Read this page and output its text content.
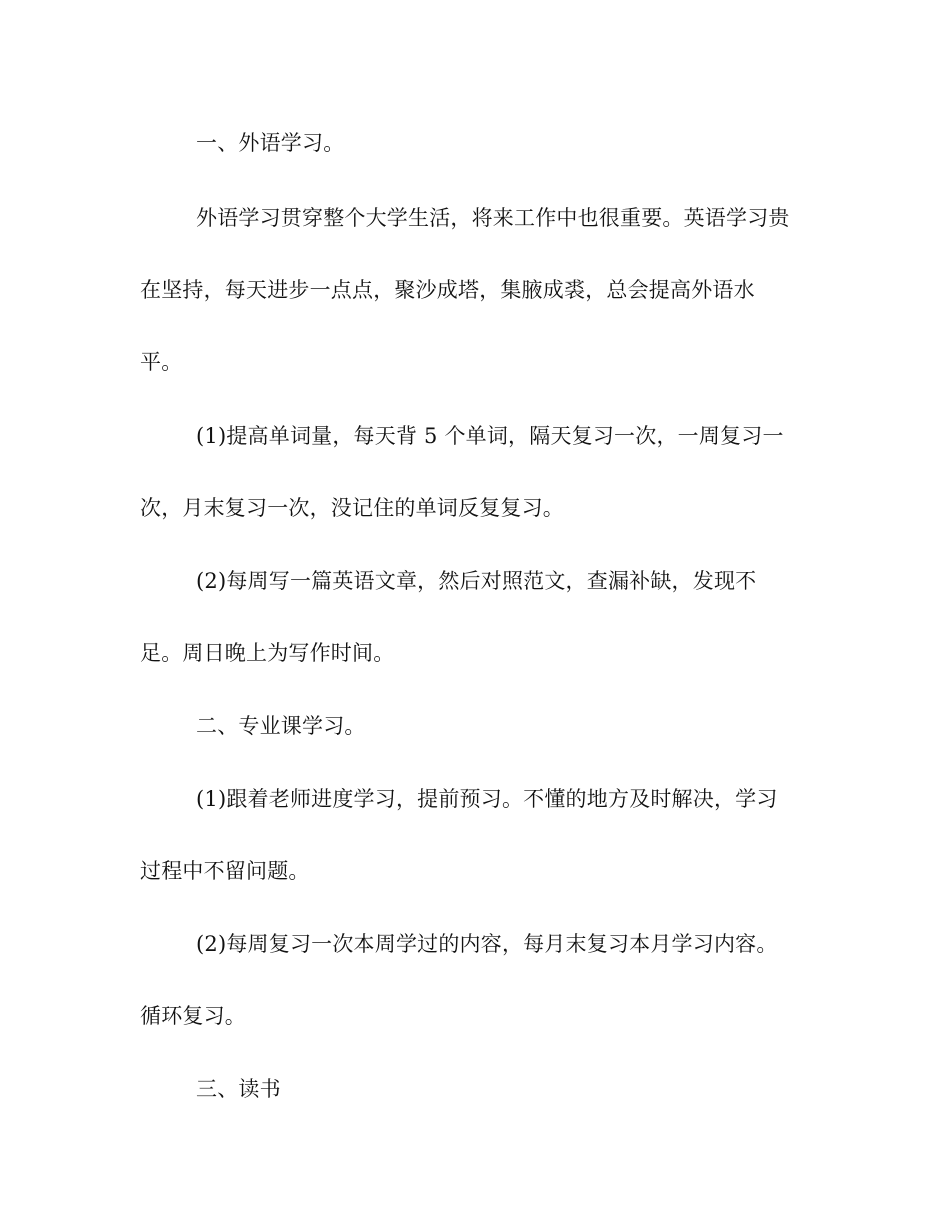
一、外语学习。
外语学习贯穿整个大学生活，将来工作中也很重要。英语学习贵
在坚持，每天进步一点点，聚沙成塔，集腋成裘，总会提高外语水
平。
(1)提高单词量，每天背 5 个单词，隔天复习一次，一周复习一
次，月末复习一次，没记住的单词反复复习。
(2)每周写一篇英语文章，然后对照范文，查漏补缺，发现不
足。周日晚上为写作时间。
二、专业课学习。
(1)跟着老师进度学习，提前预习。不懂的地方及时解决，学习
过程中不留问题。
(2)每周复习一次本周学过的内容，每月末复习本月学习内容。
循环复习。
三、读书
